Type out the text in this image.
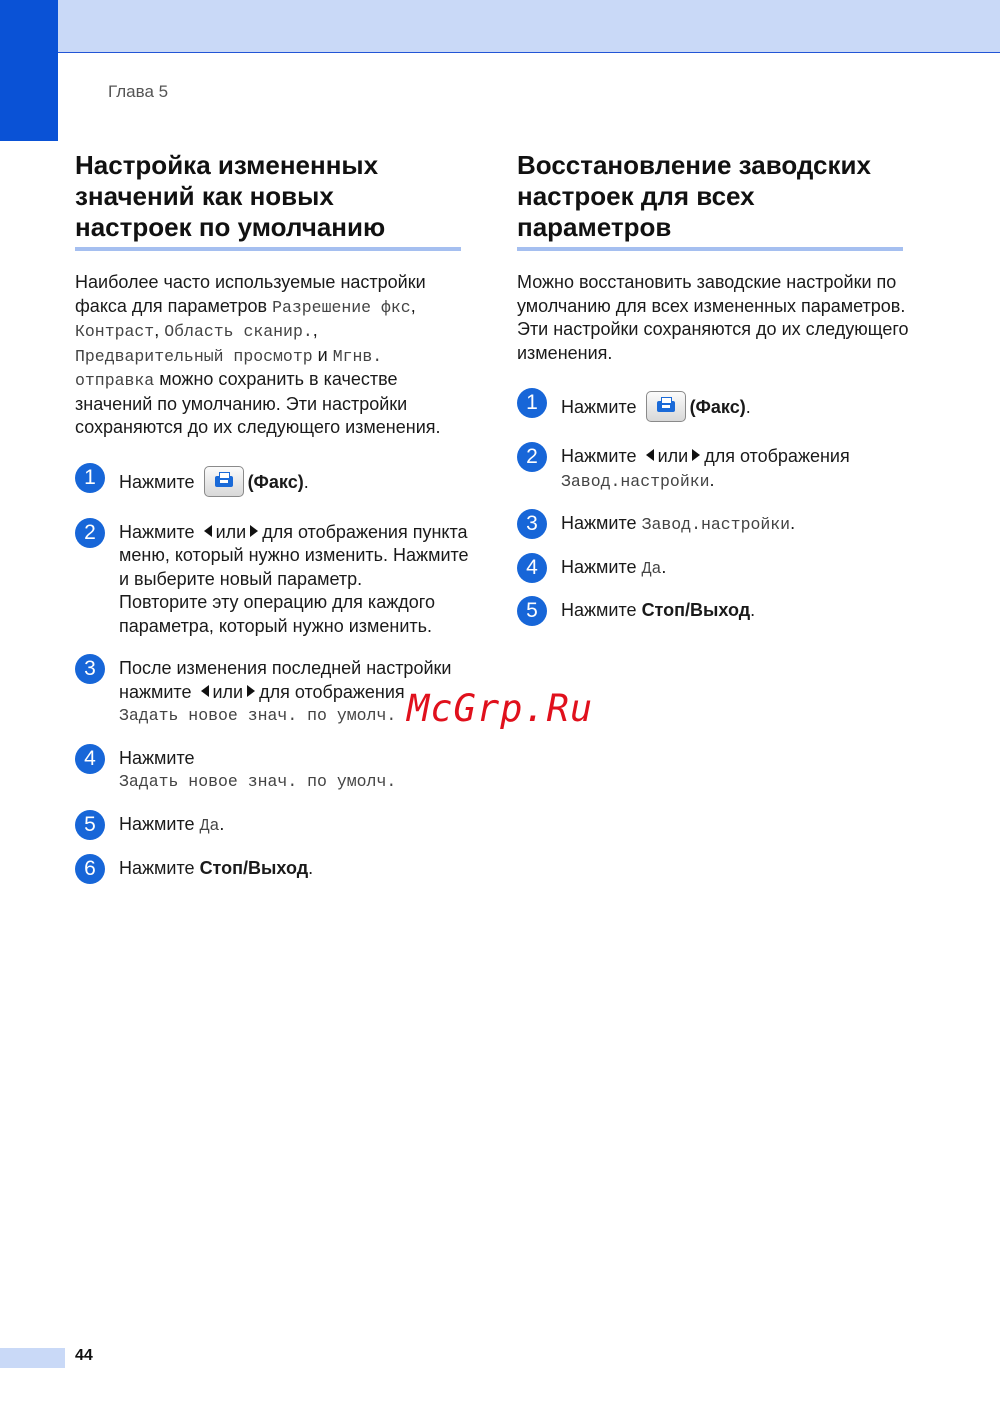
Глава 5
Настройка измененных
значений как новых
настроек по умолчанию

Наиболее часто используемые настройки факса для параметров Разрешение фкс, Контраст, Область сканир., Предварительный просмотр и Мгнв. отправка можно сохранить в качестве значений по умолчанию. Эти настройки сохраняются до их следующего изменения.

1	Нажмите	(Факс).
2	Нажмите или для отображения пункта меню, который нужно изменить. Нажмите и выберите новый параметр.
Повторите эту операцию для каждого параметра, который нужно изменить.
3	После изменения последней настройки нажмите или для отображения
Задать новое знач. по умолч.
4	Нажмите
Задать новое знач. по умолч.
5	Нажмите Да.
6	Нажмите Стоп/Выход.
Восстановление заводских
настроек для всех
параметров

Можно восстановить заводские настройки по умолчанию для всех измененных параметров. Эти настройки сохраняются до их следующего изменения.

1	Нажмите	(Факс).
2	Нажмите или для отображения
Завод.настройки.
3	Нажмите Завод.настройки.
4	Нажмите Да.
5	Нажмите Стоп/Выход.
McGrp.Ru
44
